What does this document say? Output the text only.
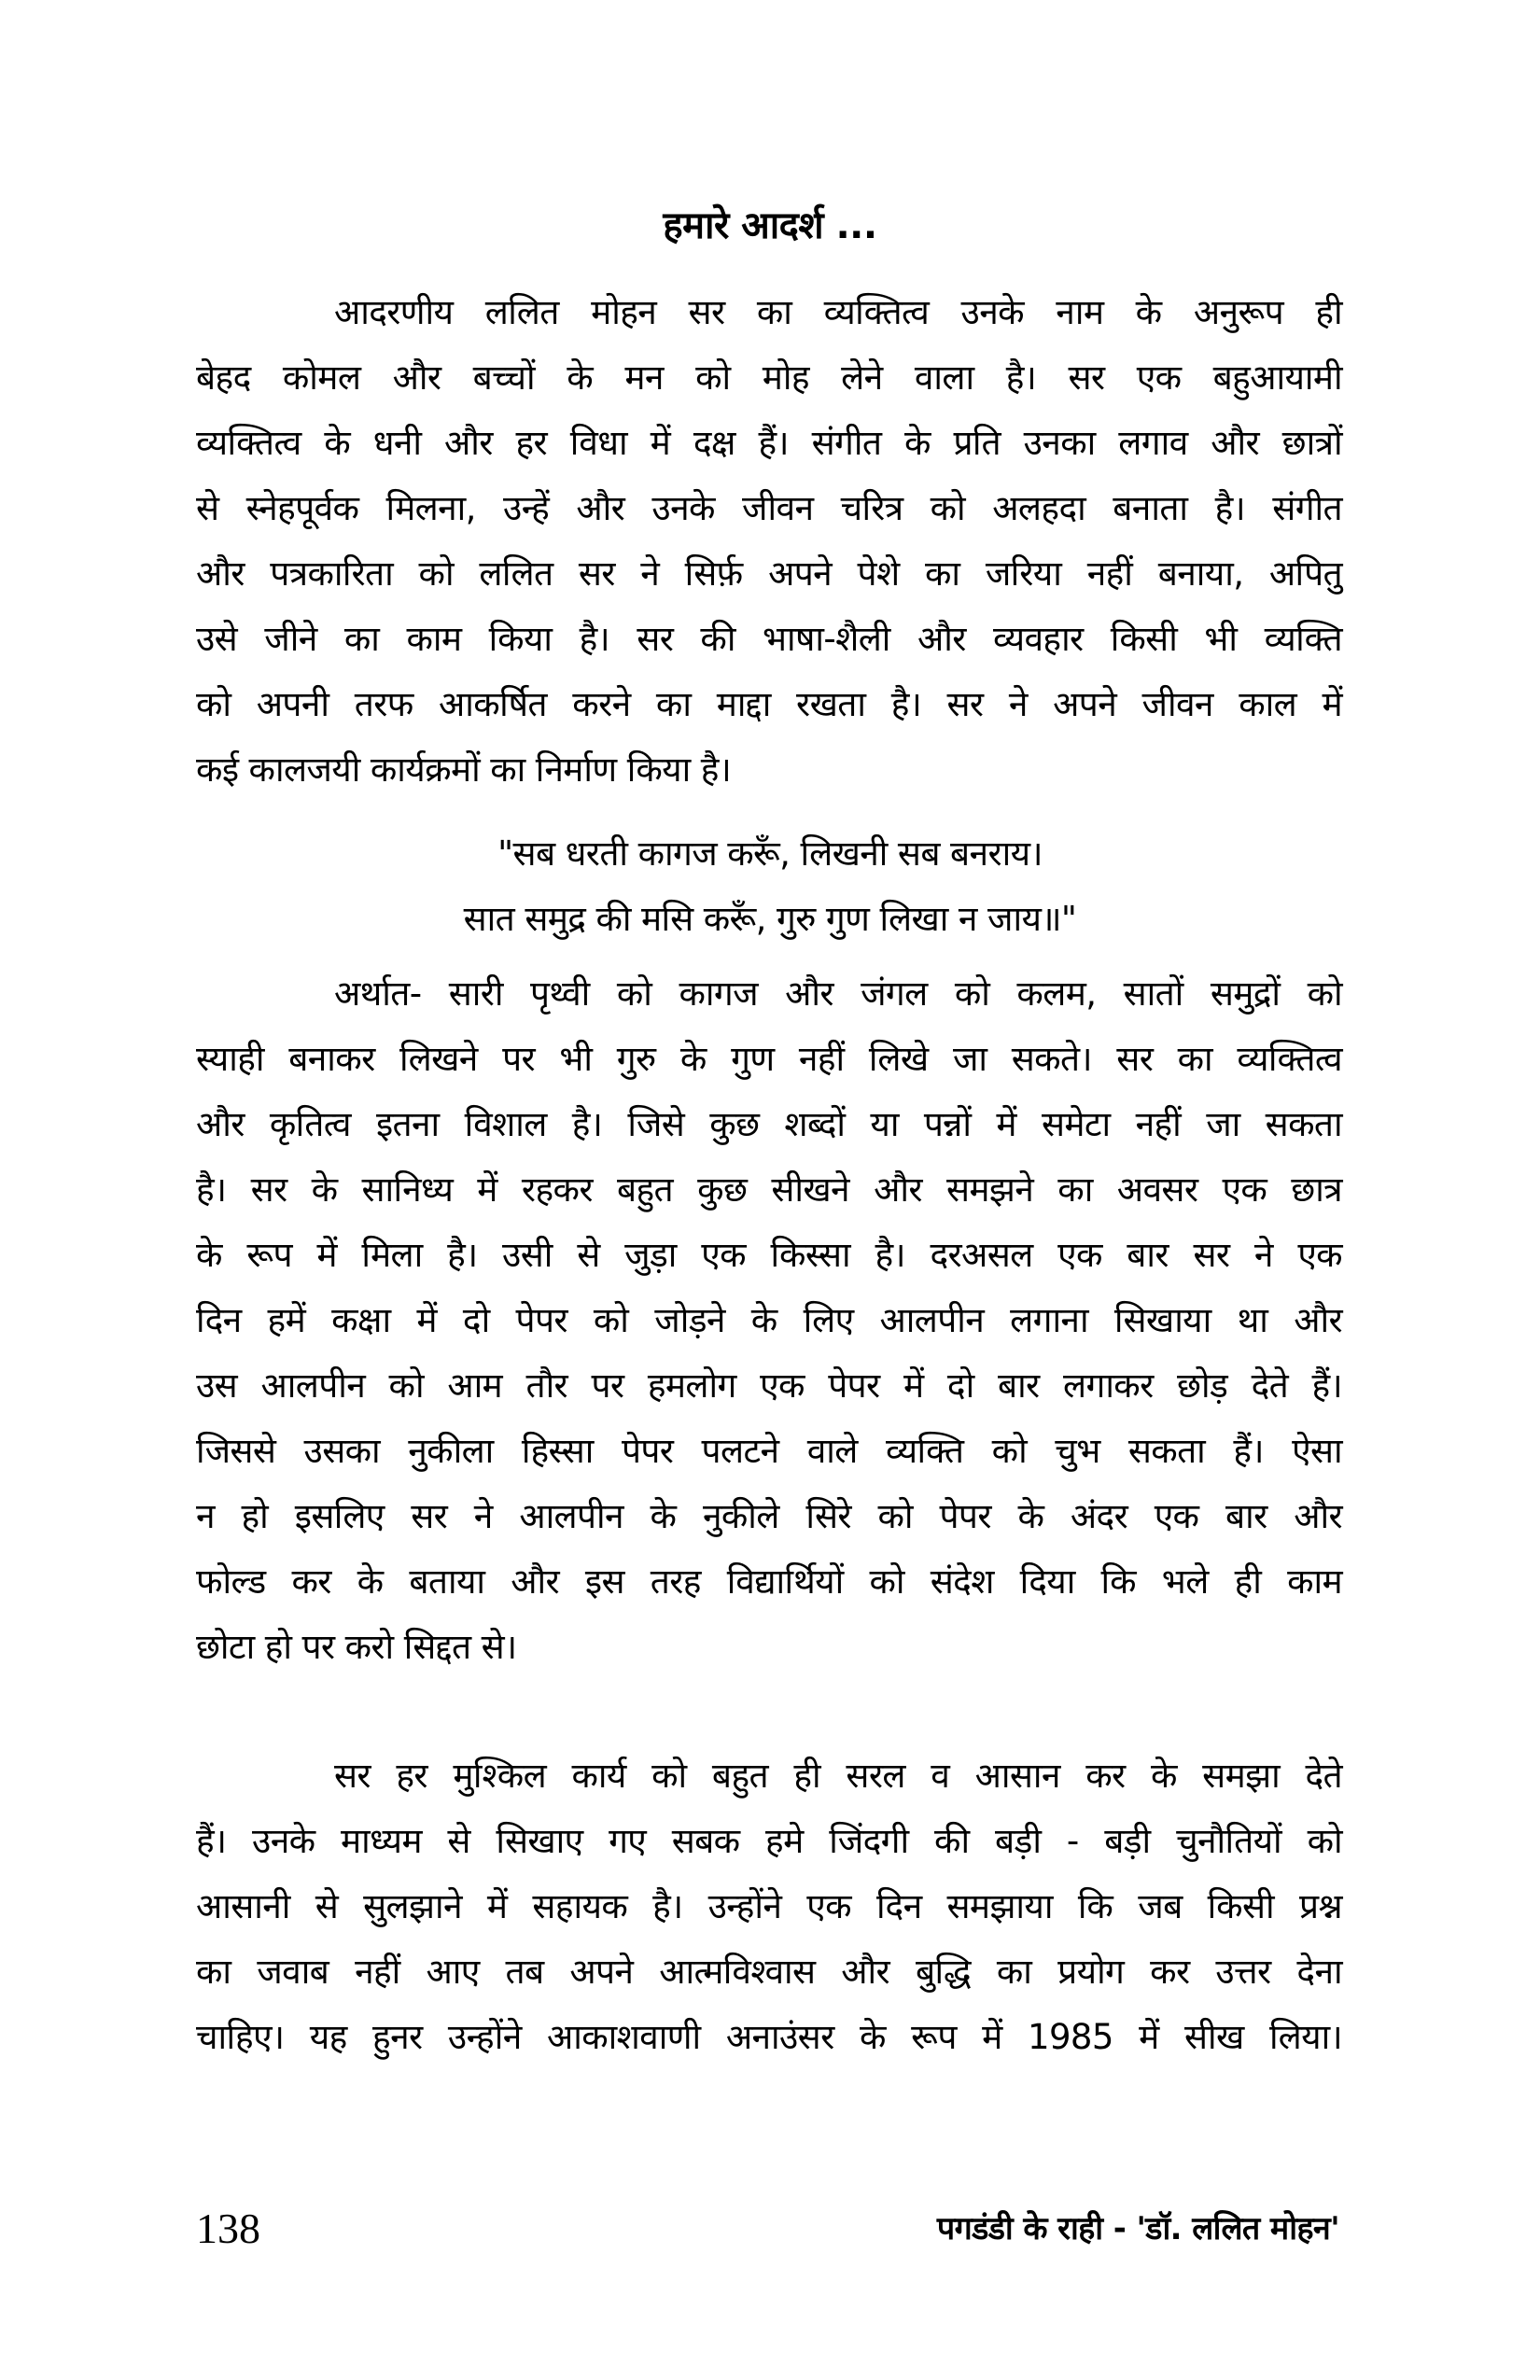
हमारे आदर्श ...
आदरणीय ललित मोहन सर का व्यक्तित्व उनके नाम के अनुरूप ही
बेहद कोमल और बच्चों के मन को मोह लेने वाला है। सर एक बहुआयामी
व्यक्तित्व के धनी और हर विधा में दक्ष हैं। संगीत के प्रति उनका लगाव और छात्रों
से स्नेहपूर्वक मिलना, उन्हें और उनके जीवन चरित्र को अलहदा बनाता है। संगीत
और पत्रकारिता को ललित सर ने सिर्फ़ अपने पेशे का जरिया नहीं बनाया, अपितु
उसे जीने का काम किया है। सर की भाषा-शैली और व्यवहार किसी भी व्यक्ति
को अपनी तरफ आकर्षित करने का माद्दा रखता है। सर ने अपने जीवन काल में
कई कालजयी कार्यक्रमों का निर्माण किया है।
"सब धरती कागज करूँ, लिखनी सब बनराय।
सात समुद्र की मसि करूँ, गुरु गुण लिखा न जाय॥"
अर्थात- सारी पृथ्वी को कागज और जंगल को कलम, सातों समुद्रों को
स्याही बनाकर लिखने पर भी गुरु के गुण नहीं लिखे जा सकते। सर का व्यक्तित्व
और कृतित्व इतना विशाल है। जिसे कुछ शब्दों या पन्नों में समेटा नहीं जा सकता
है। सर के सानिध्य में रहकर बहुत कुछ सीखने और समझने का अवसर एक छात्र
के रूप में मिला है। उसी से जुड़ा एक किस्सा है। दरअसल एक बार सर ने एक
दिन हमें कक्षा में दो पेपर को जोड़ने के लिए आलपीन लगाना सिखाया था और
उस आलपीन को आम तौर पर हमलोग एक पेपर में दो बार लगाकर छोड़ देते हैं।
जिससे उसका नुकीला हिस्सा पेपर पलटने वाले व्यक्ति को चुभ सकता हैं। ऐसा
न हो इसलिए सर ने आलपीन के नुकीले सिरे को पेपर के अंदर एक बार और
फोल्ड कर के बताया और इस तरह विद्यार्थियों को संदेश दिया कि भले ही काम
छोटा हो पर करो सिद्दत से।
सर हर मुश्किल कार्य को बहुत ही सरल व आसान कर के समझा देते
हैं। उनके माध्यम से सिखाए गए सबक हमे जिंदगी की बड़ी - बड़ी चुनौतियों को
आसानी से सुलझाने में सहायक है। उन्होंने एक दिन समझाया कि जब किसी प्रश्न
का जवाब नहीं आए तब अपने आत्मविश्वास और बुद्धि का प्रयोग कर उत्तर देना
चाहिए। यह हुनर उन्होंने आकाशवाणी अनाउंसर के रूप में 1985 में सीख लिया।
138	पगडंडी के राही - 'डॉ. ललित मोहन'
